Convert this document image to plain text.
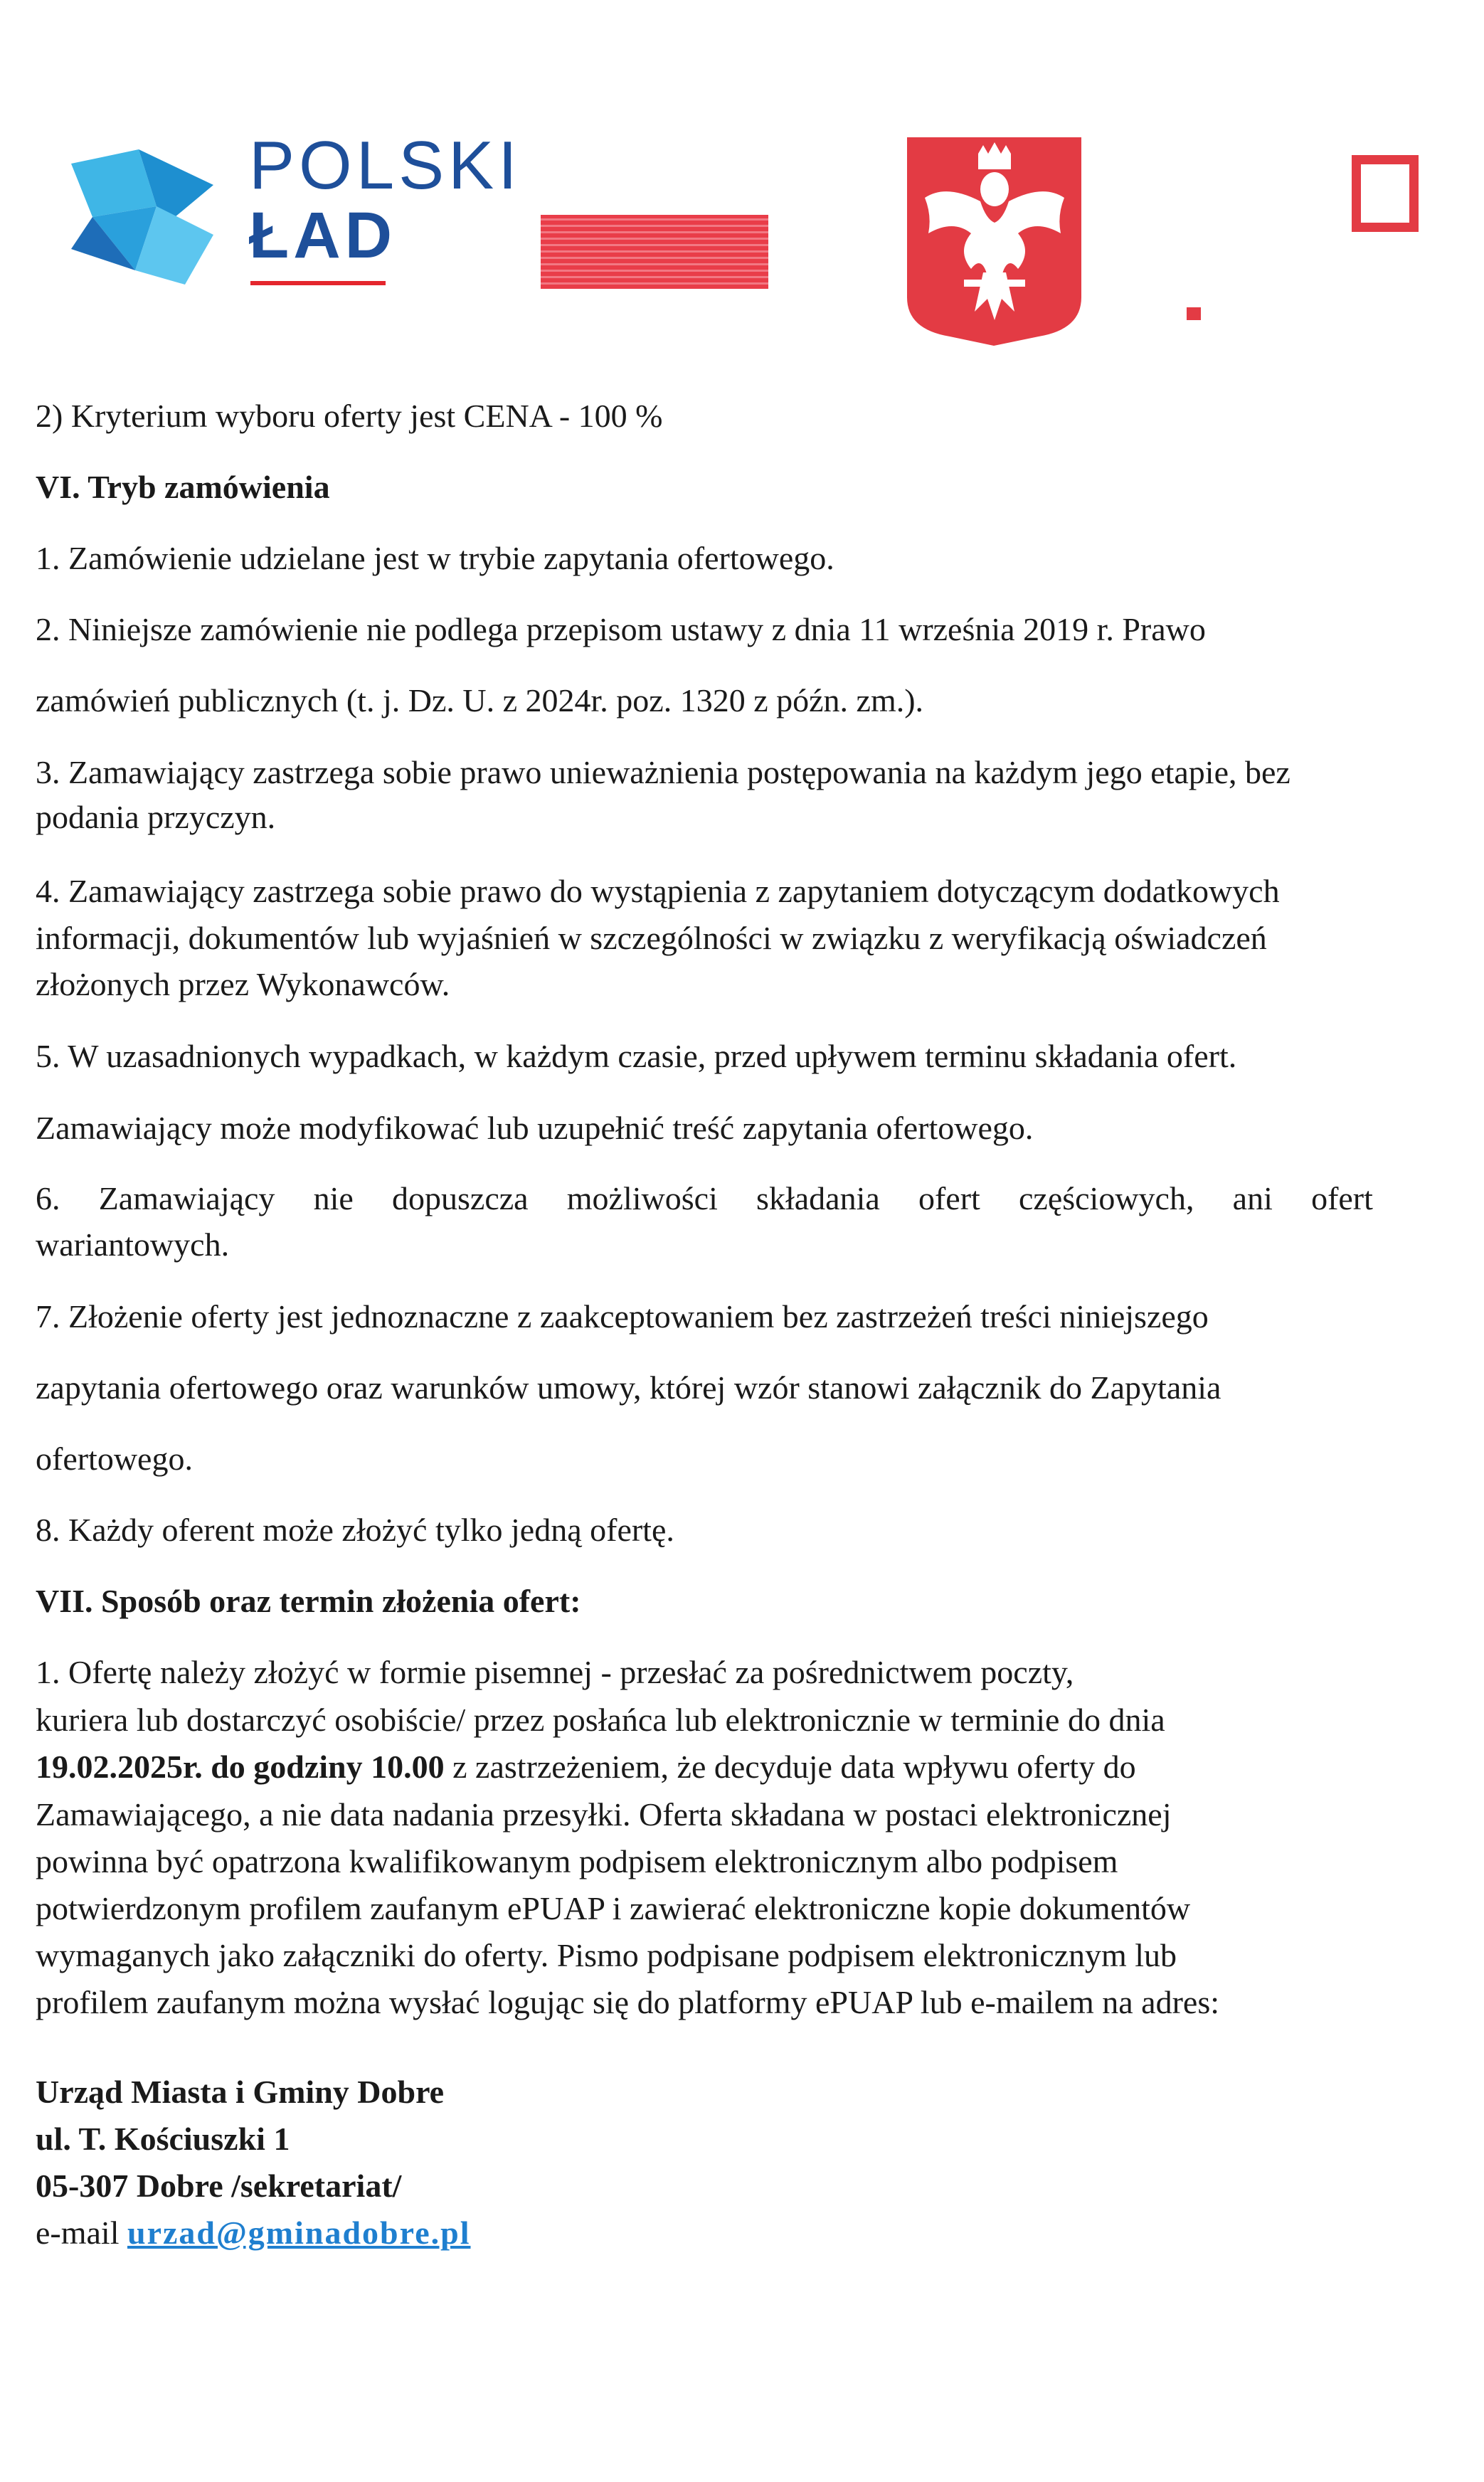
POLSKI
ŁAD
2) Kryterium wyboru oferty jest CENA - 100 %
VI. Tryb zamówienia
1. Zamówienie udzielane jest w trybie zapytania ofertowego.
2. Niniejsze zamówienie nie podlega przepisom ustawy z dnia 11 września 2019 r. Prawo
zamówień publicznych (t. j. Dz. U. z 2024r. poz. 1320 z późn. zm.).
3. Zamawiający zastrzega sobie prawo unieważnienia postępowania na każdym jego etapie, bez
podania przyczyn.
4. Zamawiający zastrzega sobie prawo do wystąpienia z zapytaniem dotyczącym dodatkowych
informacji, dokumentów lub wyjaśnień w szczególności w związku z weryfikacją oświadczeń
złożonych przez Wykonawców.
5. W uzasadnionych wypadkach, w każdym czasie, przed upływem terminu składania ofert.
Zamawiający może modyfikować lub uzupełnić treść zapytania ofertowego.
6. Zamawiający nie dopuszcza możliwości składania ofert częściowych, ani ofert
wariantowych.
7. Złożenie oferty jest jednoznaczne z zaakceptowaniem bez zastrzeżeń treści niniejszego
zapytania ofertowego oraz warunków umowy, której wzór stanowi załącznik do Zapytania
ofertowego.
8. Każdy oferent może złożyć tylko jedną ofertę.
VII. Sposób oraz termin złożenia ofert:
1. Ofertę należy złożyć w formie pisemnej - przesłać za pośrednictwem poczty,
kuriera lub dostarczyć osobiście/ przez posłańca lub elektronicznie w terminie do dnia
19.02.2025r. do godziny 10.00 z zastrzeżeniem, że decyduje data wpływu oferty do
Zamawiającego, a nie data nadania przesyłki. Oferta składana w postaci elektronicznej
powinna być opatrzona kwalifikowanym podpisem elektronicznym albo podpisem
potwierdzonym profilem zaufanym ePUAP i zawierać elektroniczne kopie dokumentów
wymaganych jako załączniki do oferty. Pismo podpisane podpisem elektronicznym lub
profilem zaufanym można wysłać logując się do platformy ePUAP lub e-mailem na adres:
Urząd Miasta i Gminy Dobre
ul. T. Kościuszki 1
05-307 Dobre /sekretariat/
e-mail urzad@gminadobre.pl
